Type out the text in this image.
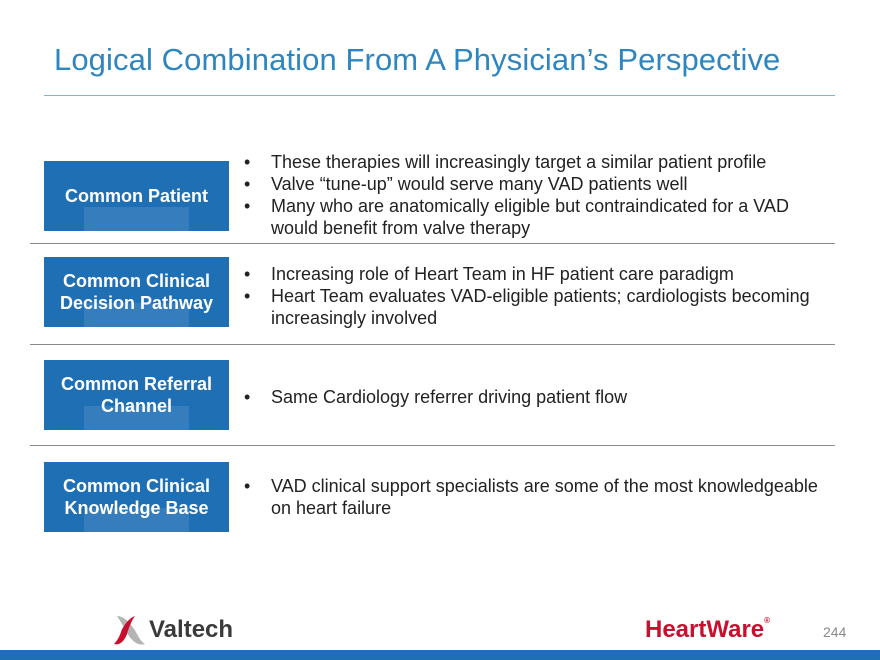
Logical Combination From A Physician’s Perspective
Common Patient
• These therapies will increasingly target a similar patient profile
• Valve “tune-up” would serve many VAD patients well
• Many who are anatomically eligible but contraindicated for a VAD would benefit from valve therapy
Common Clinical Decision Pathway
• Increasing role of Heart Team in HF patient care paradigm
• Heart Team evaluates VAD-eligible patients; cardiologists becoming increasingly involved
Common Referral Channel	• Same Cardiology referrer driving patient flow
Common Clinical Knowledge Base
• VAD clinical support specialists are some of the most knowledgeable on heart failure
Valtech	HeartWare®
244
